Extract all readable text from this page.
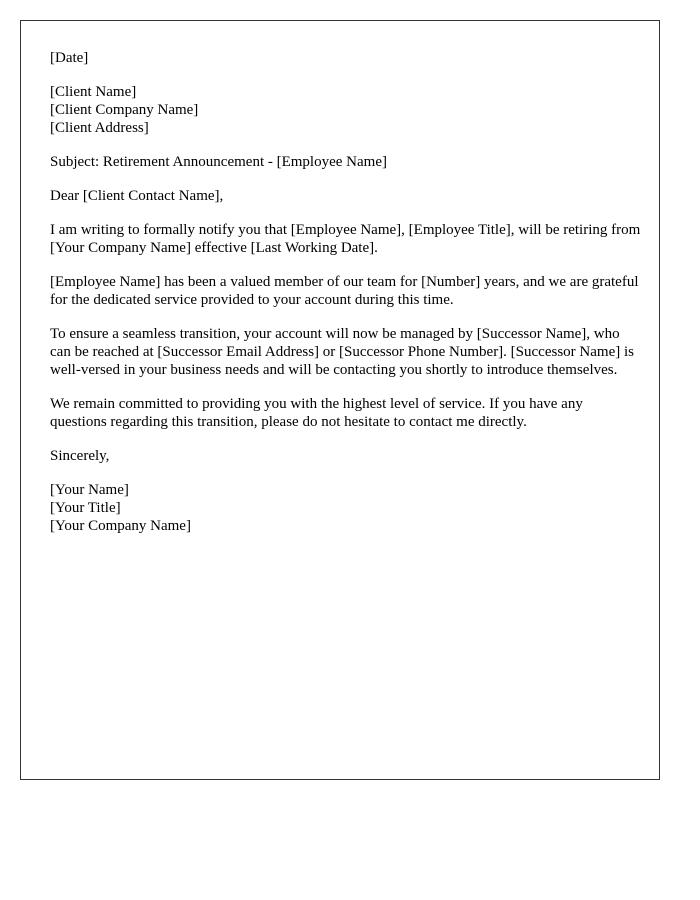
[Date]
[Client Name]
[Client Company Name]
[Client Address]
Subject: Retirement Announcement - [Employee Name]
Dear [Client Contact Name],

I am writing to formally notify you that [Employee Name], [Employee Title], will be retiring from [Your Company Name] effective [Last Working Date].

[Employee Name] has been a valued member of our team for [Number] years, and we are grateful for the dedicated service provided to your account during this time.

To ensure a seamless transition, your account will now be managed by [Successor Name], who can be reached at [Successor Email Address] or [Successor Phone Number]. [Successor Name] is well-versed in your business needs and will be contacting you shortly to introduce themselves.

We remain committed to providing you with the highest level of service. If you have any questions regarding this transition, please do not hesitate to contact me directly.

Sincerely,
[Your Name]
[Your Title]
[Your Company Name]
